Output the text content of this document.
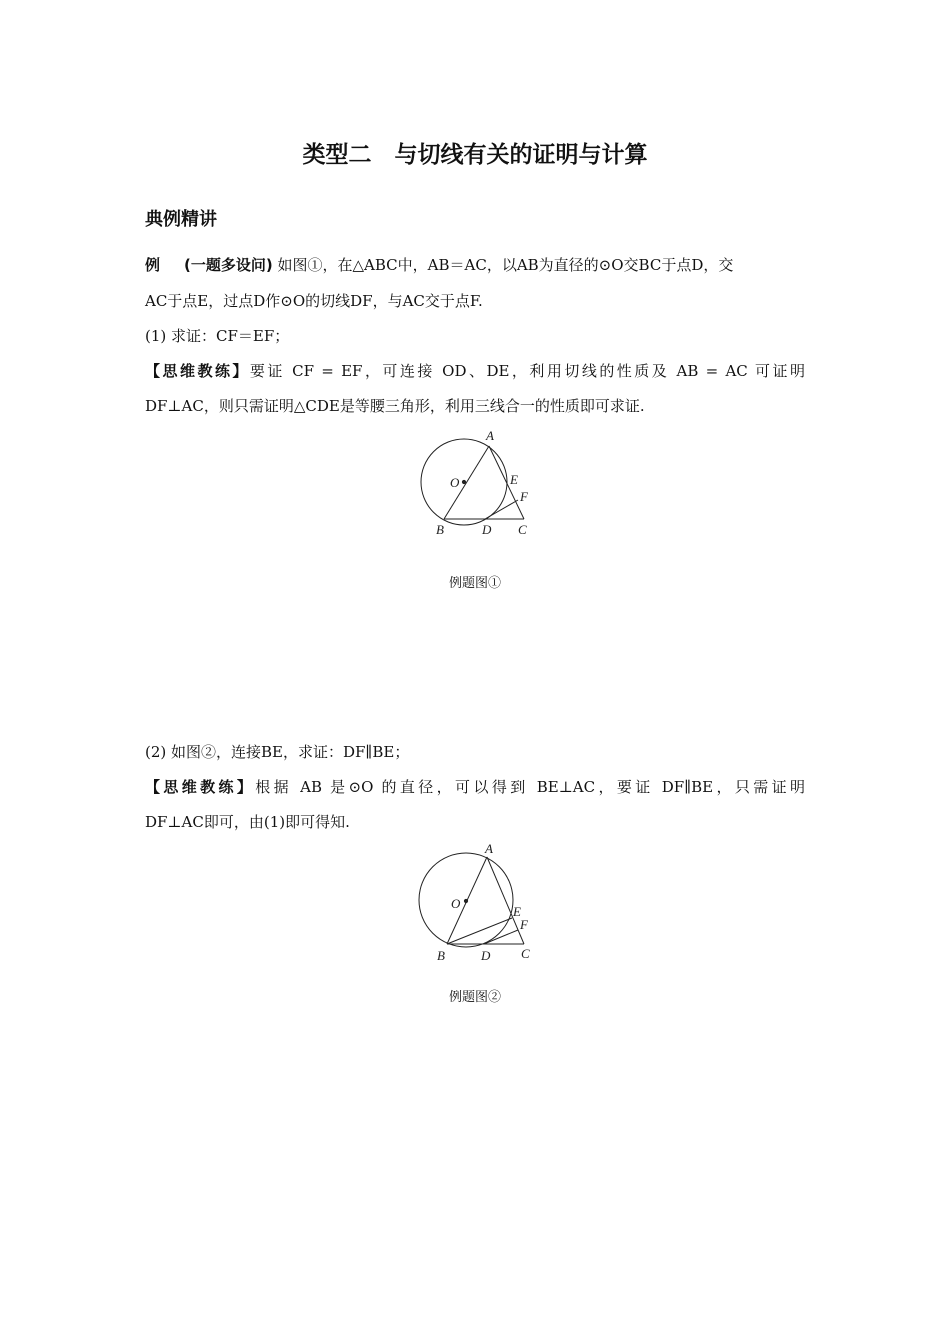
类型二　与切线有关的证明与计算
典例精讲
例 (一题多设问) 如图①，在△ABC中，AB＝AC，以AB为直径的⊙O交BC于点D，交
AC于点E，过点D作⊙O的切线DF，与AC交于点F.
(1) 求证：CF＝EF；
【思维教练】要证 CF = EF，可连接 OD、DE，利用切线的性质及 AB = AC 可证明
DF⊥AC，则只需证明△CDE是等腰三角形，利用三线合一的性质即可求证.
A
O	E
F
B	D C
A
O
E
F
B	D C
例题图①
(2) 如图②，连接BE，求证：DF∥BE；
【思维教练】根据 AB 是⊙O 的直径，可以得到 BE⊥AC，要证 DF∥BE，只需证明
DF⊥AC即可，由(1)即可得知.
例题图②
